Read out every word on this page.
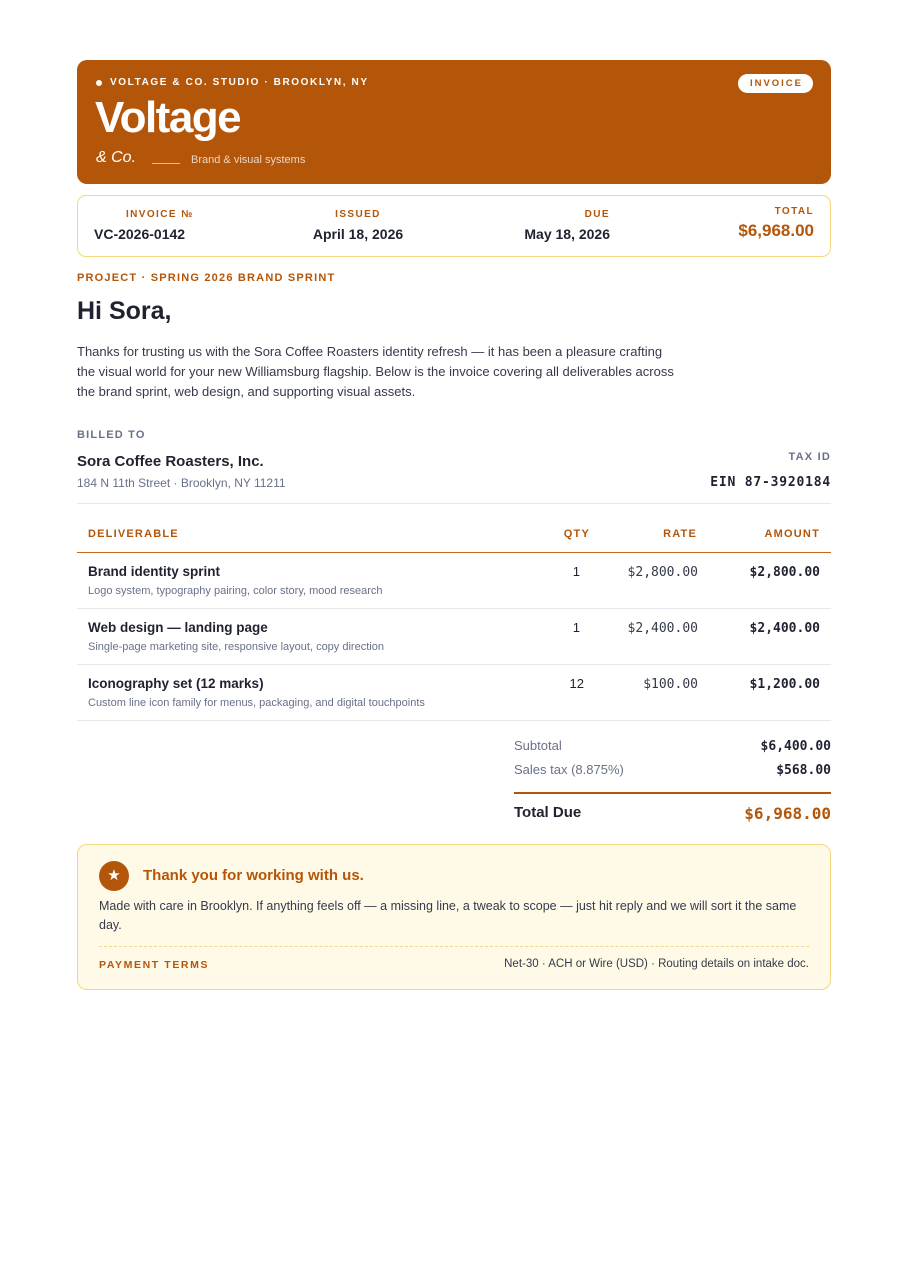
VOLTAGE & CO. STUDIO · BROOKLYN, NY
Voltage
& Co.	Brand & visual systems
INVOICE
INVOICE №
VC-2026-0142
ISSUED
April 18, 2026
DUE
May 18, 2026
TOTAL
$6,968.00
PROJECT · SPRING 2026 BRAND SPRINT
Hi Sora,
Thanks for trusting us with the Sora Coffee Roasters identity refresh — it has been a pleasure crafting the visual world for your new Williamsburg flagship. Below is the invoice covering all deliverables across the brand sprint, web design, and supporting visual assets.
BILLED TO
Sora Coffee Roasters, Inc.
184 N 11th Street · Brooklyn, NY 11211
TAX ID
EIN 87-3920184
DELIVERABLE	QTY	RATE	AMOUNT
Brand identity sprint
Logo system, typography pairing, color story, mood research
1	$2,800.00	$2,800.00
Web design — landing page
Single-page marketing site, responsive layout, copy direction
1	$2,400.00	$2,400.00
Iconography set (12 marks)
Custom line icon family for menus, packaging, and digital touchpoints
12	$100.00	$1,200.00
Subtotal	$6,400.00
Sales tax (8.875%)	$568.00
Total Due	$6,968.00
★	Thank you for working with us.
Made with care in Brooklyn. If anything feels off — a missing line, a tweak to scope — just hit reply and we will sort it the same day.
PAYMENT TERMS	Net-30 · ACH or Wire (USD) · Routing details on intake doc.
